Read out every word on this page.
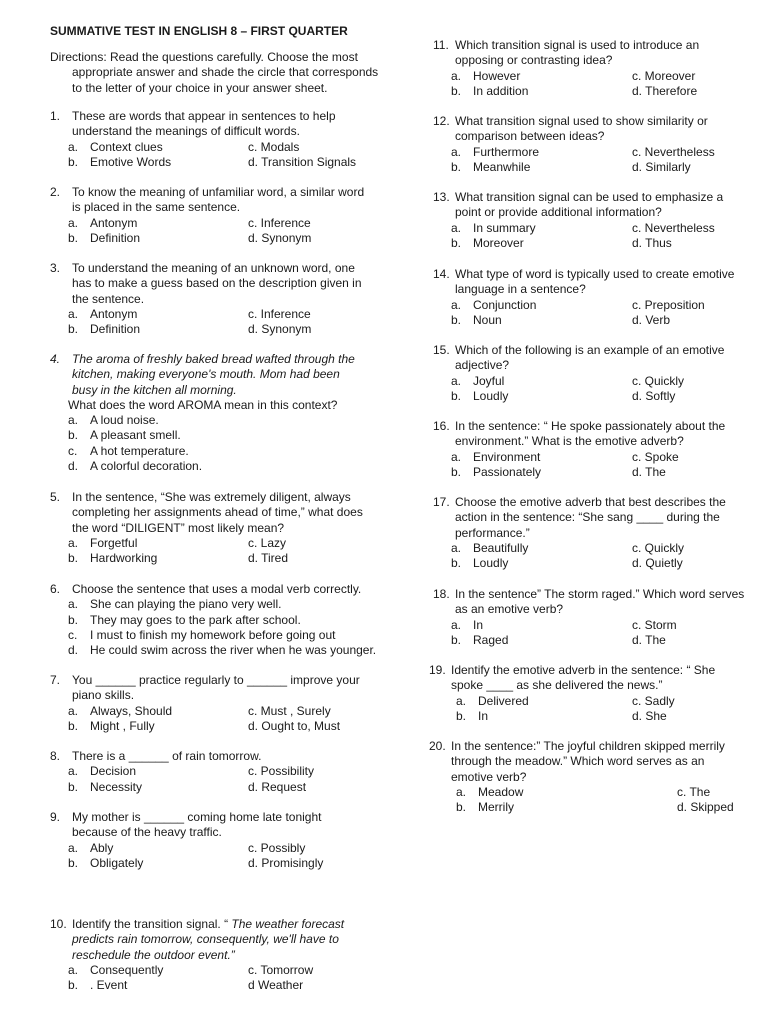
SUMMATIVE TEST IN ENGLISH 8 – FIRST QUARTER
Directions: Read the questions carefully. Choose the most
appropriate answer and shade the circle that corresponds to the letter of your choice in your answer sheet.
1. These are words that appear in sentences to help understand the meanings of difficult words.
a. Context clues	c. Modals
b. Emotive Words	d. Transition Signals
2. To know the meaning of unfamiliar word, a similar word is placed in the same sentence.
a. Antonym	c. Inference
b. Definition	d. Synonym
3. To understand the meaning of an unknown word, one has to make a guess based on the description given in the sentence.
a. Antonym	c. Inference
b. Definition	d. Synonym
4. The aroma of freshly baked bread wafted through the kitchen, making everyone's mouth. Mom had been busy in the kitchen all morning.
What does the word AROMA mean in this context?
a. A loud noise.
b. A pleasant smell.
c. A hot temperature.
d. A colorful decoration.
5. In the sentence, “She was extremely diligent, always completing her assignments ahead of time,” what does the word “DILIGENT” most likely mean?
a. Forgetful	c. Lazy
b. Hardworking	d. Tired
6. Choose the sentence that uses a modal verb correctly.
a. She can playing the piano very well.
b. They may goes to the park after school.
c. I must to finish my homework before going out
d. He could swim across the river when he was younger.
7. You ______ practice regularly to ______ improve your piano skills.
a. Always, Should	c. Must , Surely
b. Might , Fully	d. Ought to, Must
8. There is a ______ of rain tomorrow.
a. Decision	c. Possibility
b. Necessity	d. Request
9. My mother is ______ coming home late tonight because of the heavy traffic.
a. Ably	c. Possibly
b. Obligately	d. Promisingly
10. Identify the transition signal. “ The weather forecast predicts rain tomorrow, consequently, we'll have to reschedule the outdoor event.”
a. Consequently	c. Tomorrow
b. . Event	d Weather
11. Which transition signal is used to introduce an opposing or contrasting idea?
a. However	c. Moreover
b. In addition	d. Therefore
12. What transition signal used to show similarity or comparison between ideas?
a. Furthermore	c. Nevertheless
b. Meanwhile	d. Similarly
13. What transition signal can be used to emphasize a point or provide additional information?
a. In summary	c. Nevertheless
b. Moreover	d. Thus
14. What type of word is typically used to create emotive language in a sentence?
a. Conjunction	c. Preposition
b. Noun	d. Verb
15. Which of the following is an example of an emotive adjective?
a. Joyful	c. Quickly
b. Loudly	d. Softly
16. In the sentence: “ He spoke passionately about the environment.” What is the emotive adverb?
a. Environment	c. Spoke
b. Passionately	d. The
17. Choose the emotive adverb that best describes the action in the sentence: “She sang ____ during the performance.”
a. Beautifully	c. Quickly
b. Loudly	d. Quietly
18. In the sentence” The storm raged.” Which word serves as an emotive verb?
a. In	c. Storm
b. Raged	d. The
19. Identify the emotive adverb in the sentence: “ She spoke ____ as she delivered the news.”
a. Delivered	c. Sadly
b. In	d. She
20. In the sentence:” The joyful children skipped merrily through the meadow.” Which word serves as an emotive verb?
a. Meadow	c. The
b. Merrily	d. Skipped
